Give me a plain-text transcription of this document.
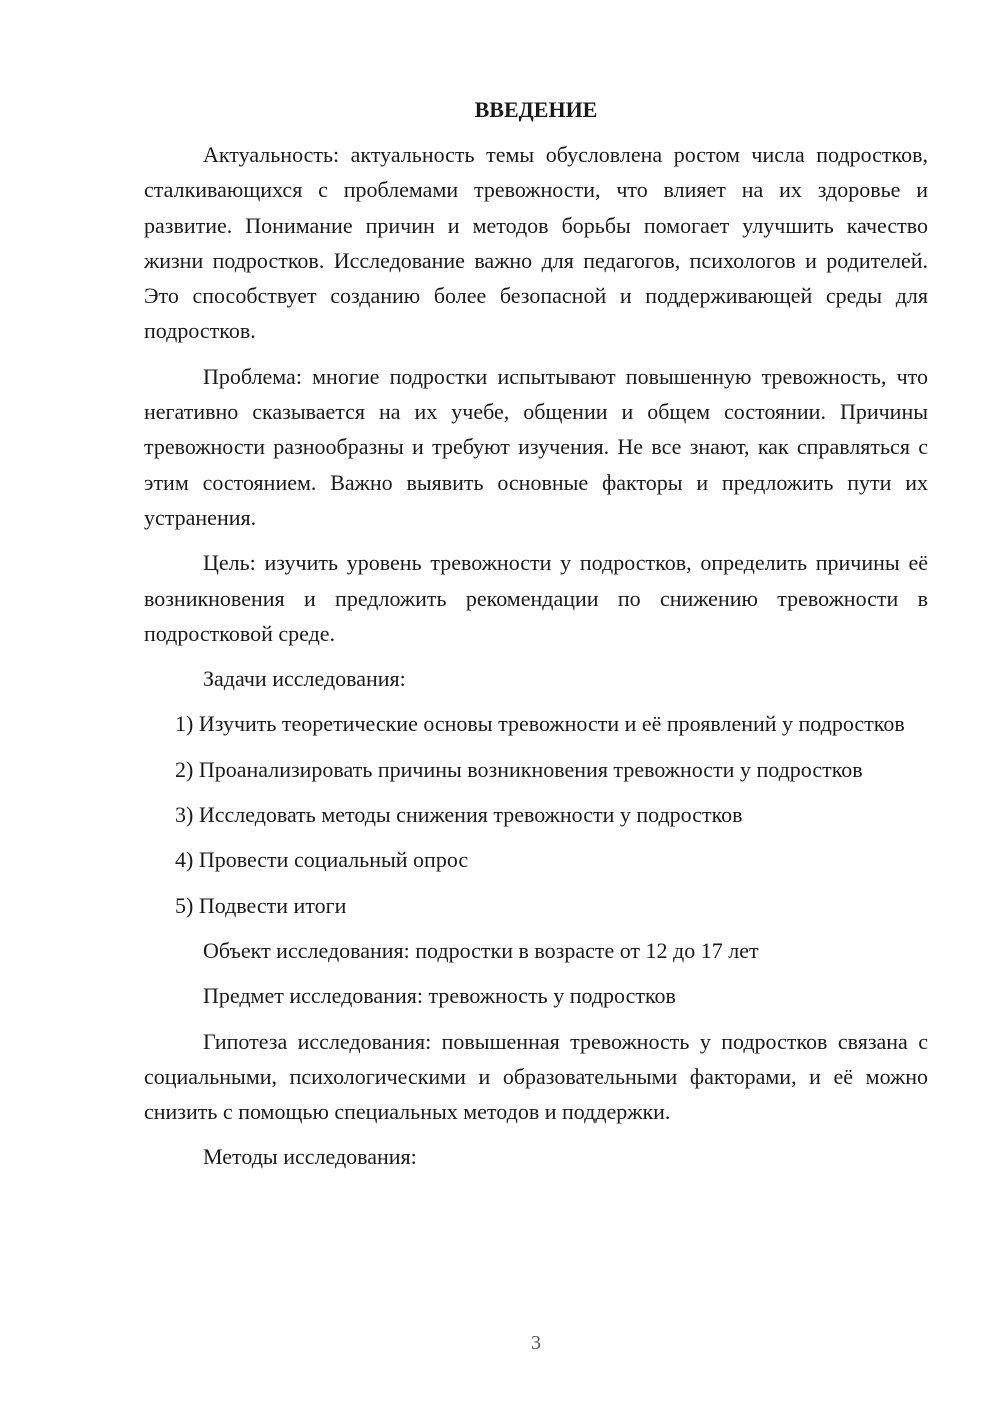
ВВЕДЕНИЕ

Актуальность: актуальность темы обусловлена ростом числа подростков, сталкивающихся с проблемами тревожности, что влияет на их здоровье и развитие. Понимание причин и методов борьбы помогает улучшить качество жизни подростков. Исследование важно для педагогов, психологов и родителей. Это способствует созданию более безопасной и поддерживающей среды для подростков.

Проблема: многие подростки испытывают повышенную тревожность, что негативно сказывается на их учебе, общении и общем состоянии. Причины тревожности разнообразны и требуют изучения. Не все знают, как справляться с этим состоянием. Важно выявить основные факторы и предложить пути их устранения.

Цель: изучить уровень тревожности у подростков, определить причины её возникновения и предложить рекомендации по снижению тревожности в подростковой среде.

Задачи исследования:

1) Изучить теоретические основы тревожности и её проявлений у подростков

2) Проанализировать причины возникновения тревожности у подростков

3) Исследовать методы снижения тревожности у подростков

4) Провести социальный опрос

5) Подвести итоги

Объект исследования: подростки в возрасте от 12 до 17 лет

Предмет исследования: тревожность у подростков

Гипотеза исследования: повышенная тревожность у подростков связана с социальными, психологическими и образовательными факторами, и её можно снизить с помощью специальных методов и поддержки.

Методы исследования:

3
